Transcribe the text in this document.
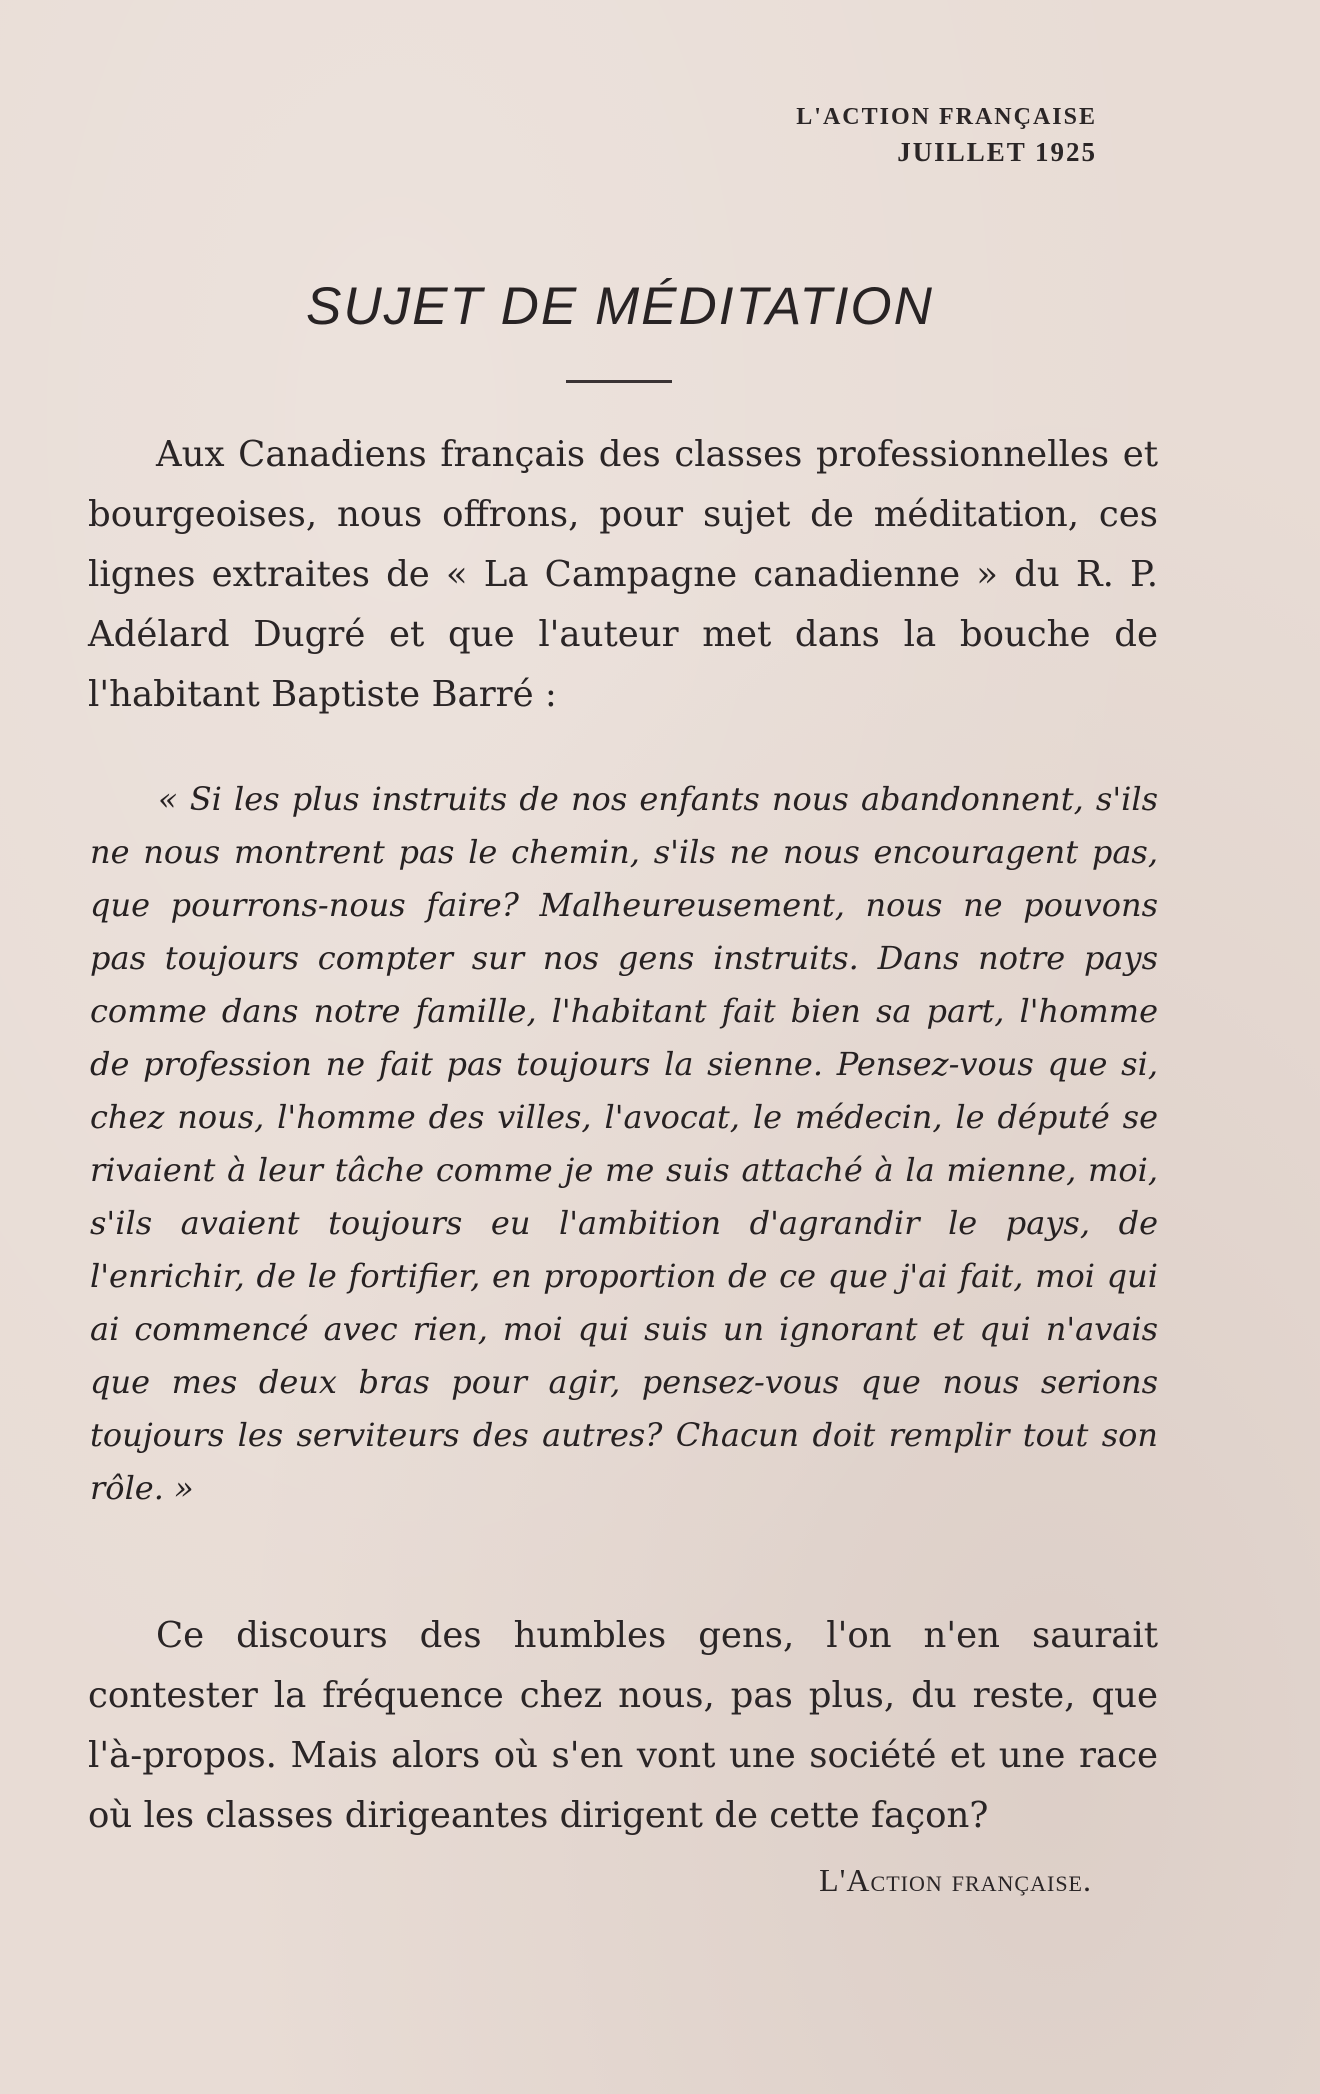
L'ACTION FRANÇAISE
JUILLET 1925
SUJET DE MÉDITATION

Aux Canadiens français des classes professionnelles et bourgeoises, nous offrons, pour sujet de méditation, ces lignes extraites de « La Campagne canadienne » du R. P. Adélard Dugré et que l'auteur met dans la bouche de l'habitant Baptiste Barré :

« Si les plus instruits de nos enfants nous abandonnent, s'ils ne nous montrent pas le chemin, s'ils ne nous encouragent pas, que pourrons-nous faire? Malheureusement, nous ne pouvons pas toujours compter sur nos gens instruits. Dans notre pays comme dans notre famille, l'habitant fait bien sa part, l'homme de profession ne fait pas toujours la sienne. Pensez-vous que si, chez nous, l'homme des villes, l'avocat, le médecin, le député se rivaient à leur tâche comme je me suis attaché à la mienne, moi, s'ils avaient toujours eu l'ambition d'agrandir le pays, de l'enrichir, de le fortifier, en proportion de ce que j'ai fait, moi qui ai commencé avec rien, moi qui suis un ignorant et qui n'avais que mes deux bras pour agir, pensez-vous que nous serions toujours les serviteurs des autres? Chacun doit remplir tout son rôle. »

Ce discours des humbles gens, l'on n'en saurait contester la fréquence chez nous, pas plus, du reste, que l'à-propos. Mais alors où s'en vont une société et une race où les classes dirigeantes dirigent de cette façon?

L'Action française.
